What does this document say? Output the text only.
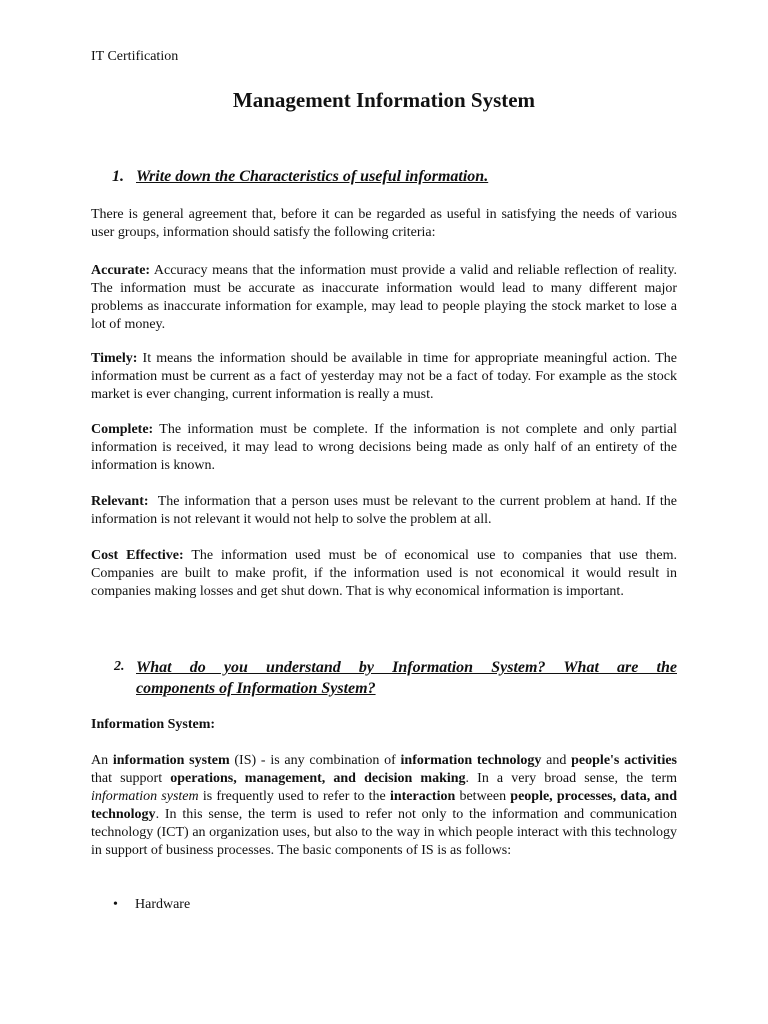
IT Certification
Management Information System
1. Write down the Characteristics of useful information.
There is general agreement that, before it can be regarded as useful in satisfying the needs of various user groups, information should satisfy the following criteria:
Accurate: Accuracy means that the information must provide a valid and reliable reflection of reality. The information must be accurate as inaccurate information would lead to many different major problems as inaccurate information for example, may lead to people playing the stock market to lose a lot of money.
Timely: It means the information should be available in time for appropriate meaningful action. The information must be current as a fact of yesterday may not be a fact of today. For example as the stock market is ever changing, current information is really a must.
Complete: The information must be complete. If the information is not complete and only partial information is received, it may lead to wrong decisions being made as only half of an entirety of the information is known.
Relevant:  The information that a person uses must be relevant to the current problem at hand. If the information is not relevant it would not help to solve the problem at all.
Cost Effective: The information used must be of economical use to companies that use them. Companies are built to make profit, if the information used is not economical it would result in companies making losses and get shut down. That is why economical information is important.
2. What do you understand by Information System? What are the
components of Information System?
Information System:
An information system (IS) - is any combination of information technology and people's activities that support operations, management, and decision making. In a very broad sense, the term information system is frequently used to refer to the interaction between people, processes, data, and technology. In this sense, the term is used to refer not only to the information and communication technology (ICT) an organization uses, but also to the way in which people interact with this technology in support of business processes. The basic components of IS is as follows:
• Hardware
